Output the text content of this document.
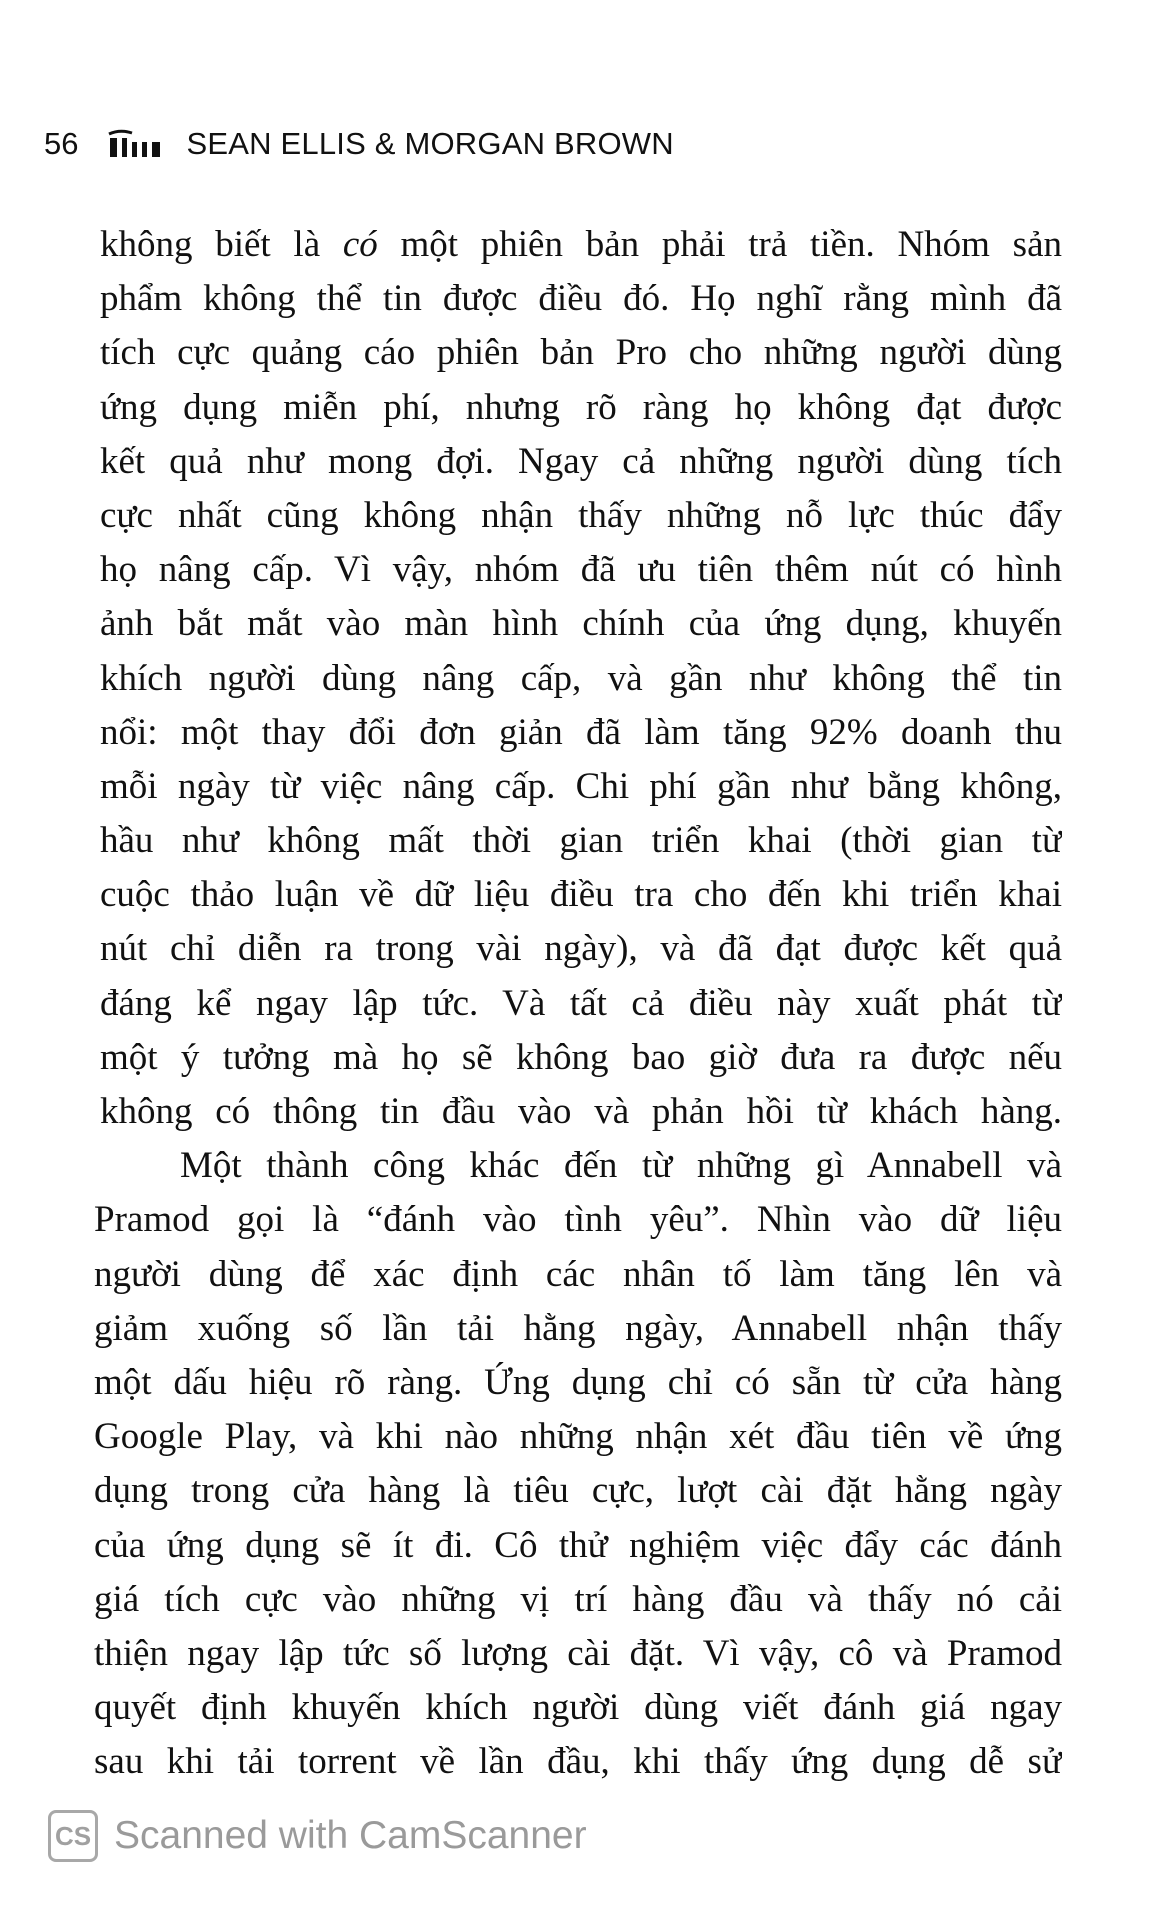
56	SEAN ELLIS & MORGAN BROWN

không biết là có một phiên bản phải trả tiền. Nhóm sản
phẩm không thể tin được điều đó. Họ nghĩ rằng mình đã
tích cực quảng cáo phiên bản Pro cho những người dùng
ứng dụng miễn phí, nhưng rõ ràng họ không đạt được
kết quả như mong đợi. Ngay cả những người dùng tích
cực nhất cũng không nhận thấy những nỗ lực thúc đẩy
họ nâng cấp. Vì vậy, nhóm đã ưu tiên thêm nút có hình
ảnh bắt mắt vào màn hình chính của ứng dụng, khuyến
khích người dùng nâng cấp, và gần như không thể tin
nổi: một thay đổi đơn giản đã làm tăng 92% doanh thu
mỗi ngày từ việc nâng cấp. Chi phí gần như bằng không,
hầu như không mất thời gian triển khai (thời gian từ
cuộc thảo luận về dữ liệu điều tra cho đến khi triển khai
nút chỉ diễn ra trong vài ngày), và đã đạt được kết quả
đáng kể ngay lập tức. Và tất cả điều này xuất phát từ
một ý tưởng mà họ sẽ không bao giờ đưa ra được nếu
không có thông tin đầu vào và phản hồi từ khách hàng.

Một thành công khác đến từ những gì Annabell và
Pramod gọi là “đánh vào tình yêu”. Nhìn vào dữ liệu
người dùng để xác định các nhân tố làm tăng lên và
giảm xuống số lần tải hằng ngày, Annabell nhận thấy
một dấu hiệu rõ ràng. Ứng dụng chỉ có sẵn từ cửa hàng
Google Play, và khi nào những nhận xét đầu tiên về ứng
dụng trong cửa hàng là tiêu cực, lượt cài đặt hằng ngày
của ứng dụng sẽ ít đi. Cô thử nghiệm việc đẩy các đánh
giá tích cực vào những vị trí hàng đầu và thấy nó cải
thiện ngay lập tức số lượng cài đặt. Vì vậy, cô và Pramod
quyết định khuyến khích người dùng viết đánh giá ngay
sau khi tải torrent về lần đầu, khi thấy ứng dụng dễ sử

CS Scanned with CamScanner
